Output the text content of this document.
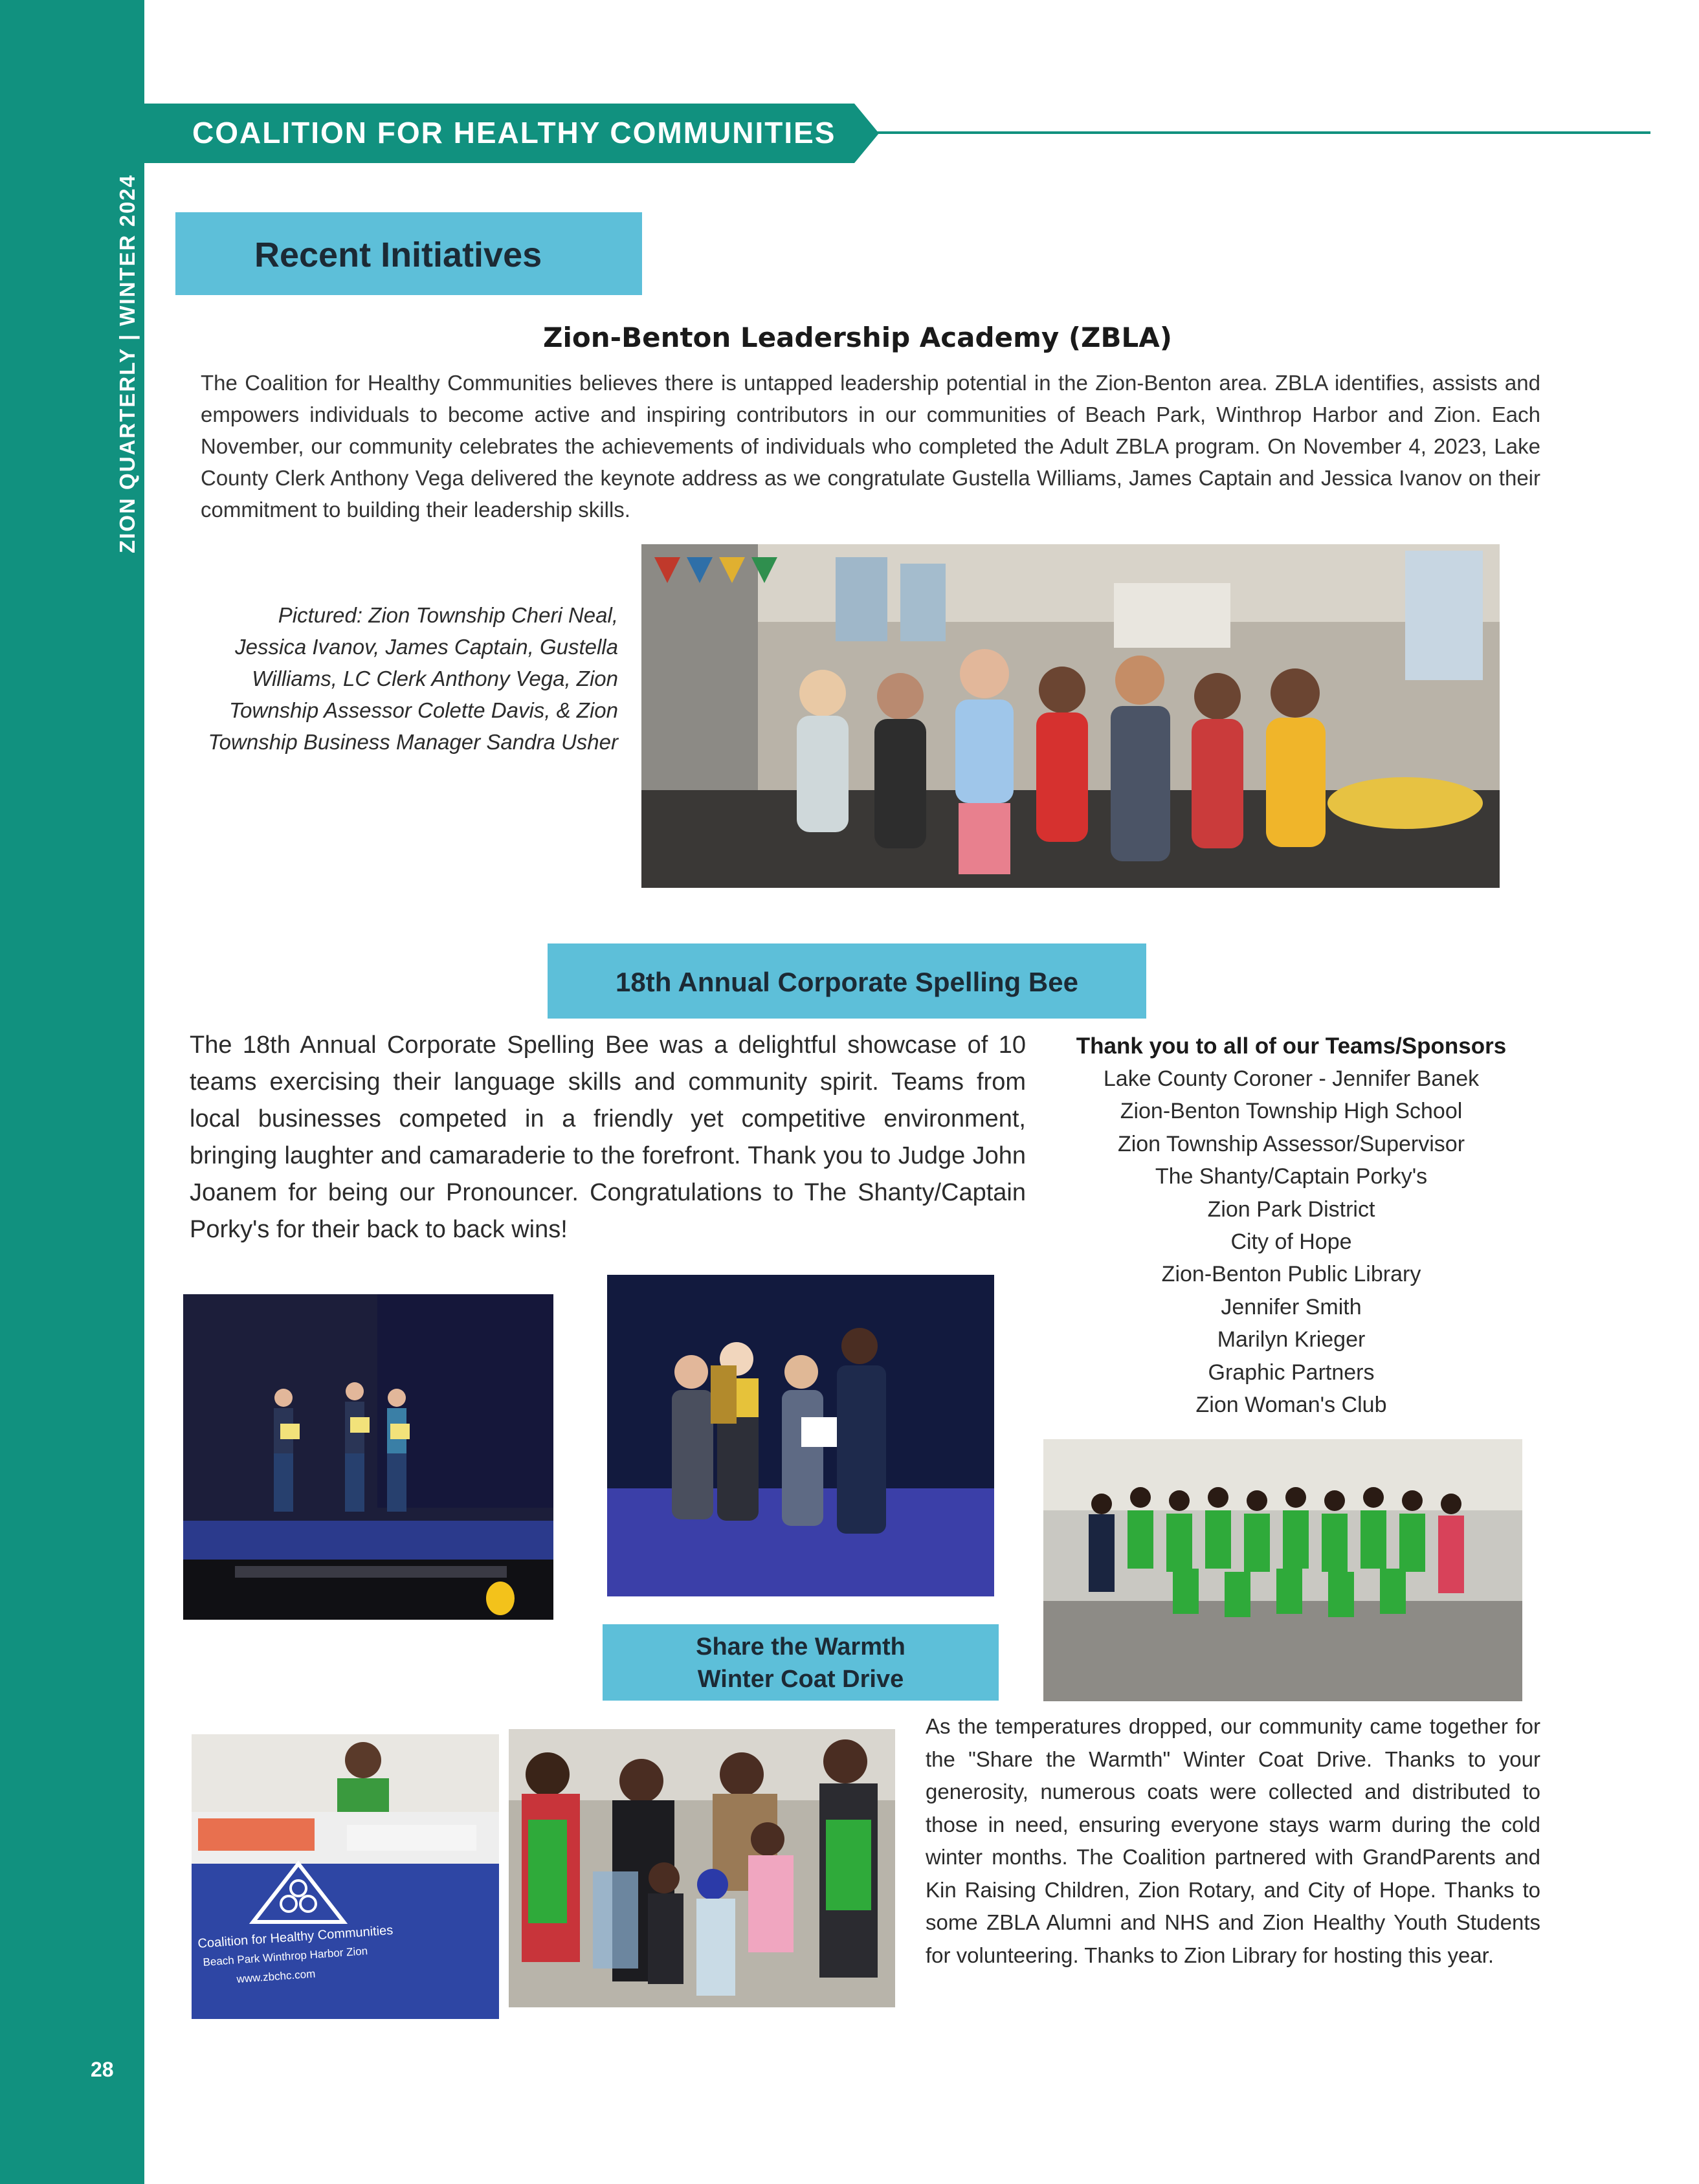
ZION QUARTERLY | WINTER 2024
28
COALITION FOR HEALTHY COMMUNITIES
Recent Initiatives
Zion-Benton Leadership Academy (ZBLA)
The Coalition for Healthy Communities believes there is untapped leadership potential in the Zion-Benton area. ZBLA identifies, assists and empowers individuals to become active and inspiring contributors in our communities of Beach Park, Winthrop Harbor and Zion. Each November, our community celebrates the achievements of individuals who completed the Adult ZBLA program. On November 4, 2023, Lake County Clerk Anthony Vega delivered the keynote address as we congratulate Gustella Williams, James Captain and Jessica Ivanov on their commitment to building their leadership skills.
Pictured: Zion Township Cheri Neal, Jessica Ivanov, James Captain, Gustella Williams, LC Clerk Anthony Vega, Zion Township Assessor Colette Davis, & Zion Township Business Manager Sandra Usher
18th Annual Corporate Spelling Bee
The 18th Annual Corporate Spelling Bee was a delightful showcase of 10 teams exercising their language skills and community spirit. Teams from local businesses competed in a friendly yet competitive environment, bringing laughter and camaraderie to the forefront. Thank you to Judge John Joanem for being our Pronouncer. Congratulations to The Shanty/Captain Porky's for their back to back wins!
Thank you to all of our Teams/Sponsors
Lake County Coroner - Jennifer Banek
Zion-Benton Township High School
Zion Township Assessor/Supervisor
The Shanty/Captain Porky's
Zion Park District
City of Hope
Zion-Benton Public Library
Jennifer Smith
Marilyn Krieger
Graphic Partners
Zion Woman's Club
Share the Warmth
Winter Coat Drive
As the temperatures dropped, our community came together for the "Share the Warmth" Winter Coat Drive. Thanks to your generosity, numerous coats were collected and distributed to those in need, ensuring everyone stays warm during the cold winter months. The Coalition partnered with GrandParents and Kin Raising Children, Zion Rotary, and City of Hope. Thanks to some ZBLA Alumni and NHS and Zion Healthy Youth Students for volunteering. Thanks to Zion Library for hosting this year.
Coalition for Healthy Communities
Beach Park Winthrop Harbor Zion
www.zbchc.com
